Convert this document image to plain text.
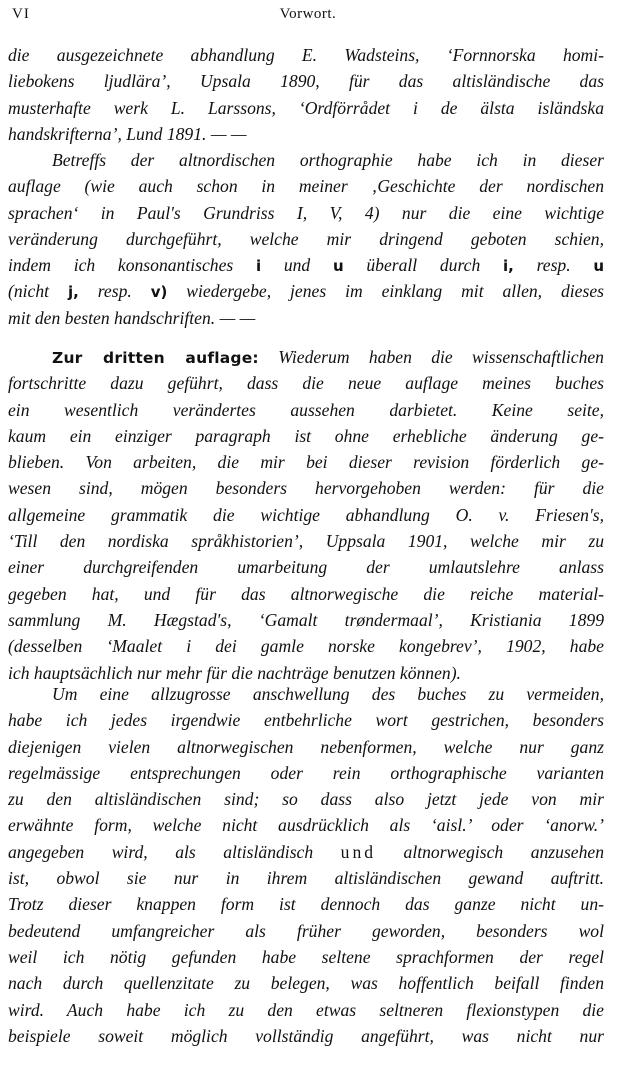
VI	Vorwort.
die ausgezeichnete abhandlung E. Wadsteins, ‘Fornnorska homi-
liebokens ljudlära’, Upsala 1890, für das altisländische das
musterhafte werk L. Larssons, ‘Ordförrådet i de älsta isländska
handskrifterna’, Lund 1891. — —
Betreffs der altnordischen orthographie habe ich in dieser
auflage (wie auch schon in meiner ‚Geschichte der nordischen
sprachen‘ in Paul's Grundriss I, V, 4) nur die eine wichtige
veränderung durchgeführt, welche mir dringend geboten schien,
indem ich konsonantisches i und u überall durch i, resp. u
(nicht j, resp. v) wiedergebe, jenes im einklang mit allen, dieses
mit den besten handschriften. — —
Zur dritten auflage: Wiederum haben die wissenschaftlichen
fortschritte dazu geführt, dass die neue auflage meines buches
ein wesentlich verändertes aussehen darbietet. Keine seite,
kaum ein einziger paragraph ist ohne erhebliche änderung ge-
blieben. Von arbeiten, die mir bei dieser revision förderlich ge-
wesen sind, mögen besonders hervorgehoben werden: für die
allgemeine grammatik die wichtige abhandlung O. v. Friesen's,
‘Till den nordiska språkhistorien’, Uppsala 1901, welche mir zu
einer durchgreifenden umarbeitung der umlautslehre anlass
gegeben hat, und für das altnorwegische die reiche material-
sammlung M. Hægstad's, ‘Gamalt trøndermaal’, Kristiania 1899
(desselben ‘Maalet i dei gamle norske kongebrev’, 1902, habe
ich hauptsächlich nur mehr für die nachträge benutzen können).
Um eine allzugrosse anschwellung des buches zu vermeiden,
habe ich jedes irgendwie entbehrliche wort gestrichen, besonders
diejenigen vielen altnorwegischen nebenformen, welche nur ganz
regelmässige entsprechungen oder rein orthographische varianten
zu den altisländischen sind; so dass also jetzt jede von mir
erwähnte form, welche nicht ausdrücklich als ‘aisl.’ oder ‘anorw.’
angegeben wird, als altisländisch und altnorwegisch anzusehen
ist, obwol sie nur in ihrem altisländischen gewand auftritt.
Trotz dieser knappen form ist dennoch das ganze nicht un-
bedeutend umfangreicher als früher geworden, besonders wol
weil ich nötig gefunden habe seltene sprachformen der regel
nach durch quellenzitate zu belegen, was hoffentlich beifall finden
wird. Auch habe ich zu den etwas seltneren flexionstypen die
beispiele soweit möglich vollständig angeführt, was nicht nur
